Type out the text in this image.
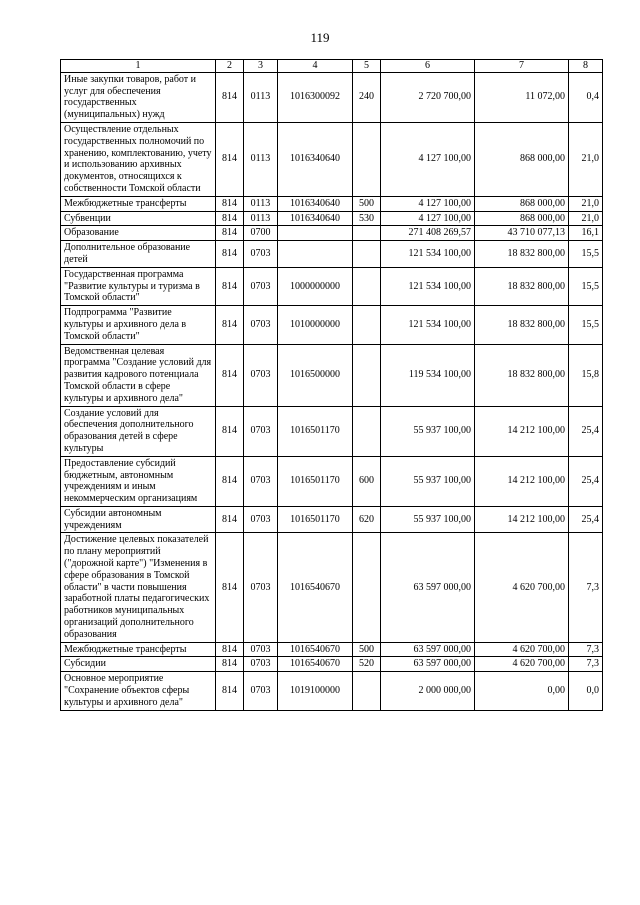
119
1	2	3	4	5	6	7	8
Иные закупки товаров, работ и услуг для обеспечения государственных (муниципальных) нужд	814	0113	1016300092	240	2 720 700,00	11 072,00	0,4
Осуществление отдельных государственных полномочий по хранению, комплектованию, учету и использованию архивных документов, относящихся к собственности Томской области	814	0113	1016340640		4 127 100,00	868 000,00	21,0
Межбюджетные трансферты	814	0113	1016340640	500	4 127 100,00	868 000,00	21,0
Субвенции	814	0113	1016340640	530	4 127 100,00	868 000,00	21,0
Образование	814	0700			271 408 269,57	43 710 077,13	16,1
Дополнительное образование детей	814	0703			121 534 100,00	18 832 800,00	15,5
Государственная программа "Развитие культуры и туризма в Томской области"	814	0703	1000000000		121 534 100,00	18 832 800,00	15,5
Подпрограмма "Развитие культуры и архивного дела в Томской области"	814	0703	1010000000		121 534 100,00	18 832 800,00	15,5
Ведомственная целевая программа "Создание условий для развития кадрового потенциала Томской области в сфере культуры и архивного дела"	814	0703	1016500000		119 534 100,00	18 832 800,00	15,8
Создание условий для обеспечения дополнительного образования детей в сфере культуры	814	0703	1016501170		55 937 100,00	14 212 100,00	25,4
Предоставление субсидий бюджетным, автономным учреждениям и иным некоммерческим организациям	814	0703	1016501170	600	55 937 100,00	14 212 100,00	25,4
Субсидии автономным учреждениям	814	0703	1016501170	620	55 937 100,00	14 212 100,00	25,4
Достижение целевых показателей по плану мероприятий ("дорожной карте") "Изменения в сфере образования в Томской области" в части повышения заработной платы педагогических работников муниципальных организаций дополнительного образования	814	0703	1016540670		63 597 000,00	4 620 700,00	7,3
Межбюджетные трансферты	814	0703	1016540670	500	63 597 000,00	4 620 700,00	7,3
Субсидии	814	0703	1016540670	520	63 597 000,00	4 620 700,00	7,3
Основное мероприятие "Сохранение объектов сферы культуры и архивного дела"	814	0703	1019100000		2 000 000,00	0,00	0,0
